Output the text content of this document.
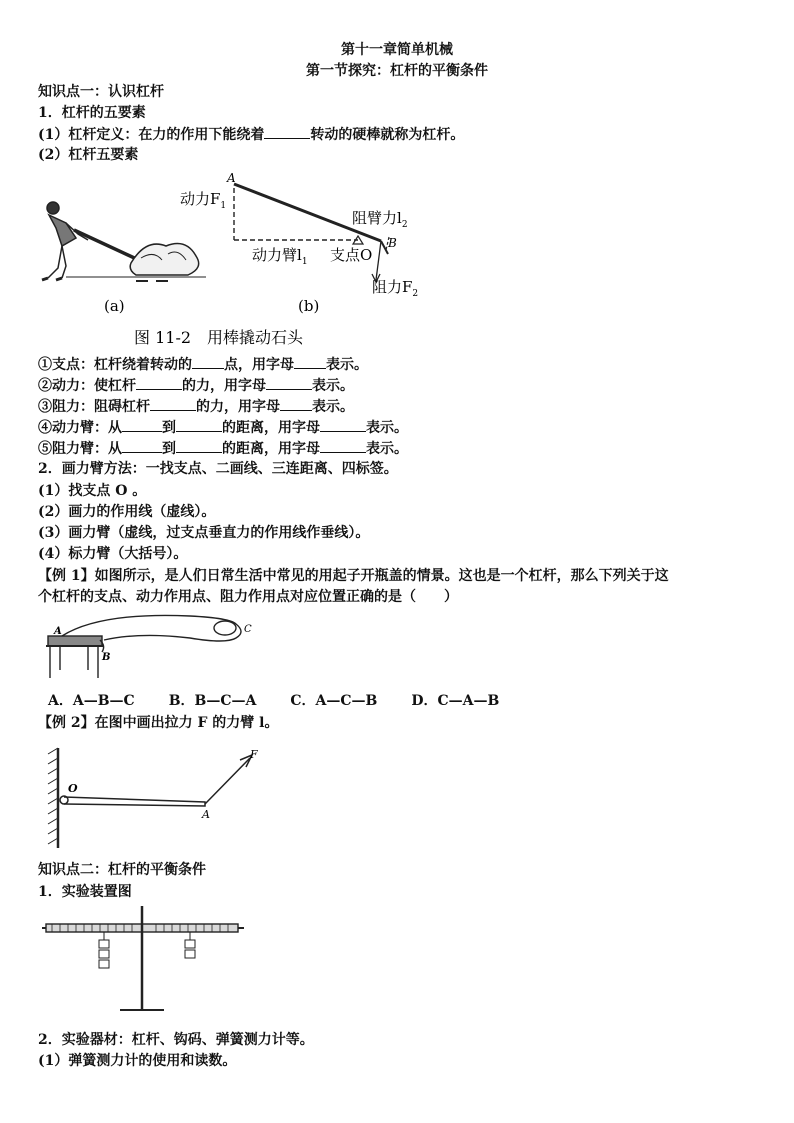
第十一章简单机械
第一节探究：杠杆的平衡条件
知识点一：认识杠杆
1．杠杆的五要素
(1）杠杆定义：在力的作用下能绕着	转动的硬棒就称为杠杆。
(2）杠杆五要素
(a)
A
动力$F_1$
阻臂力$l_2$
B
动力臂$l_1$ 支点O
阻力$F_2$
(b)
图 11-2　用棒撬动石头
①支点：杠杆绕着转动的 点，用字母 表示。
②动力：使杠杆	的力，用字母	表示。
③阻力：阻碍杠杆	的力，用字母 表示。
④动力臂：从	到	的距离，用字母	表示。
⑤阻力臂：从	到	的距离，用字母	表示。
2．画力臂方法：一找支点、二画线、三连距离、四标签。
(1）找支点 O 。
(2）画力的作用线（虚线）。
(3）画力臂（虚线，过支点垂直力的作用线作垂线）。
(4）标力臂（大括号）。
【例 1】如图所示，是人们日常生活中常见的用起子开瓶盖的情景。这也是一个杠杆，那么下列关于这
个杠杆的支点、动力作用点、阻力作用点对应位置正确的是（　　）
A
B
C
A．A—B—C B．B—C—A C．A—C—B D．C—A—B
【例 2】在图中画出拉力 F 的力臂 l。
O
A
F
知识点二：杠杆的平衡条件
1．实验装置图
2．实验器材：杠杆、钩码、弹簧测力计等。
(1）弹簧测力计的使用和读数。
